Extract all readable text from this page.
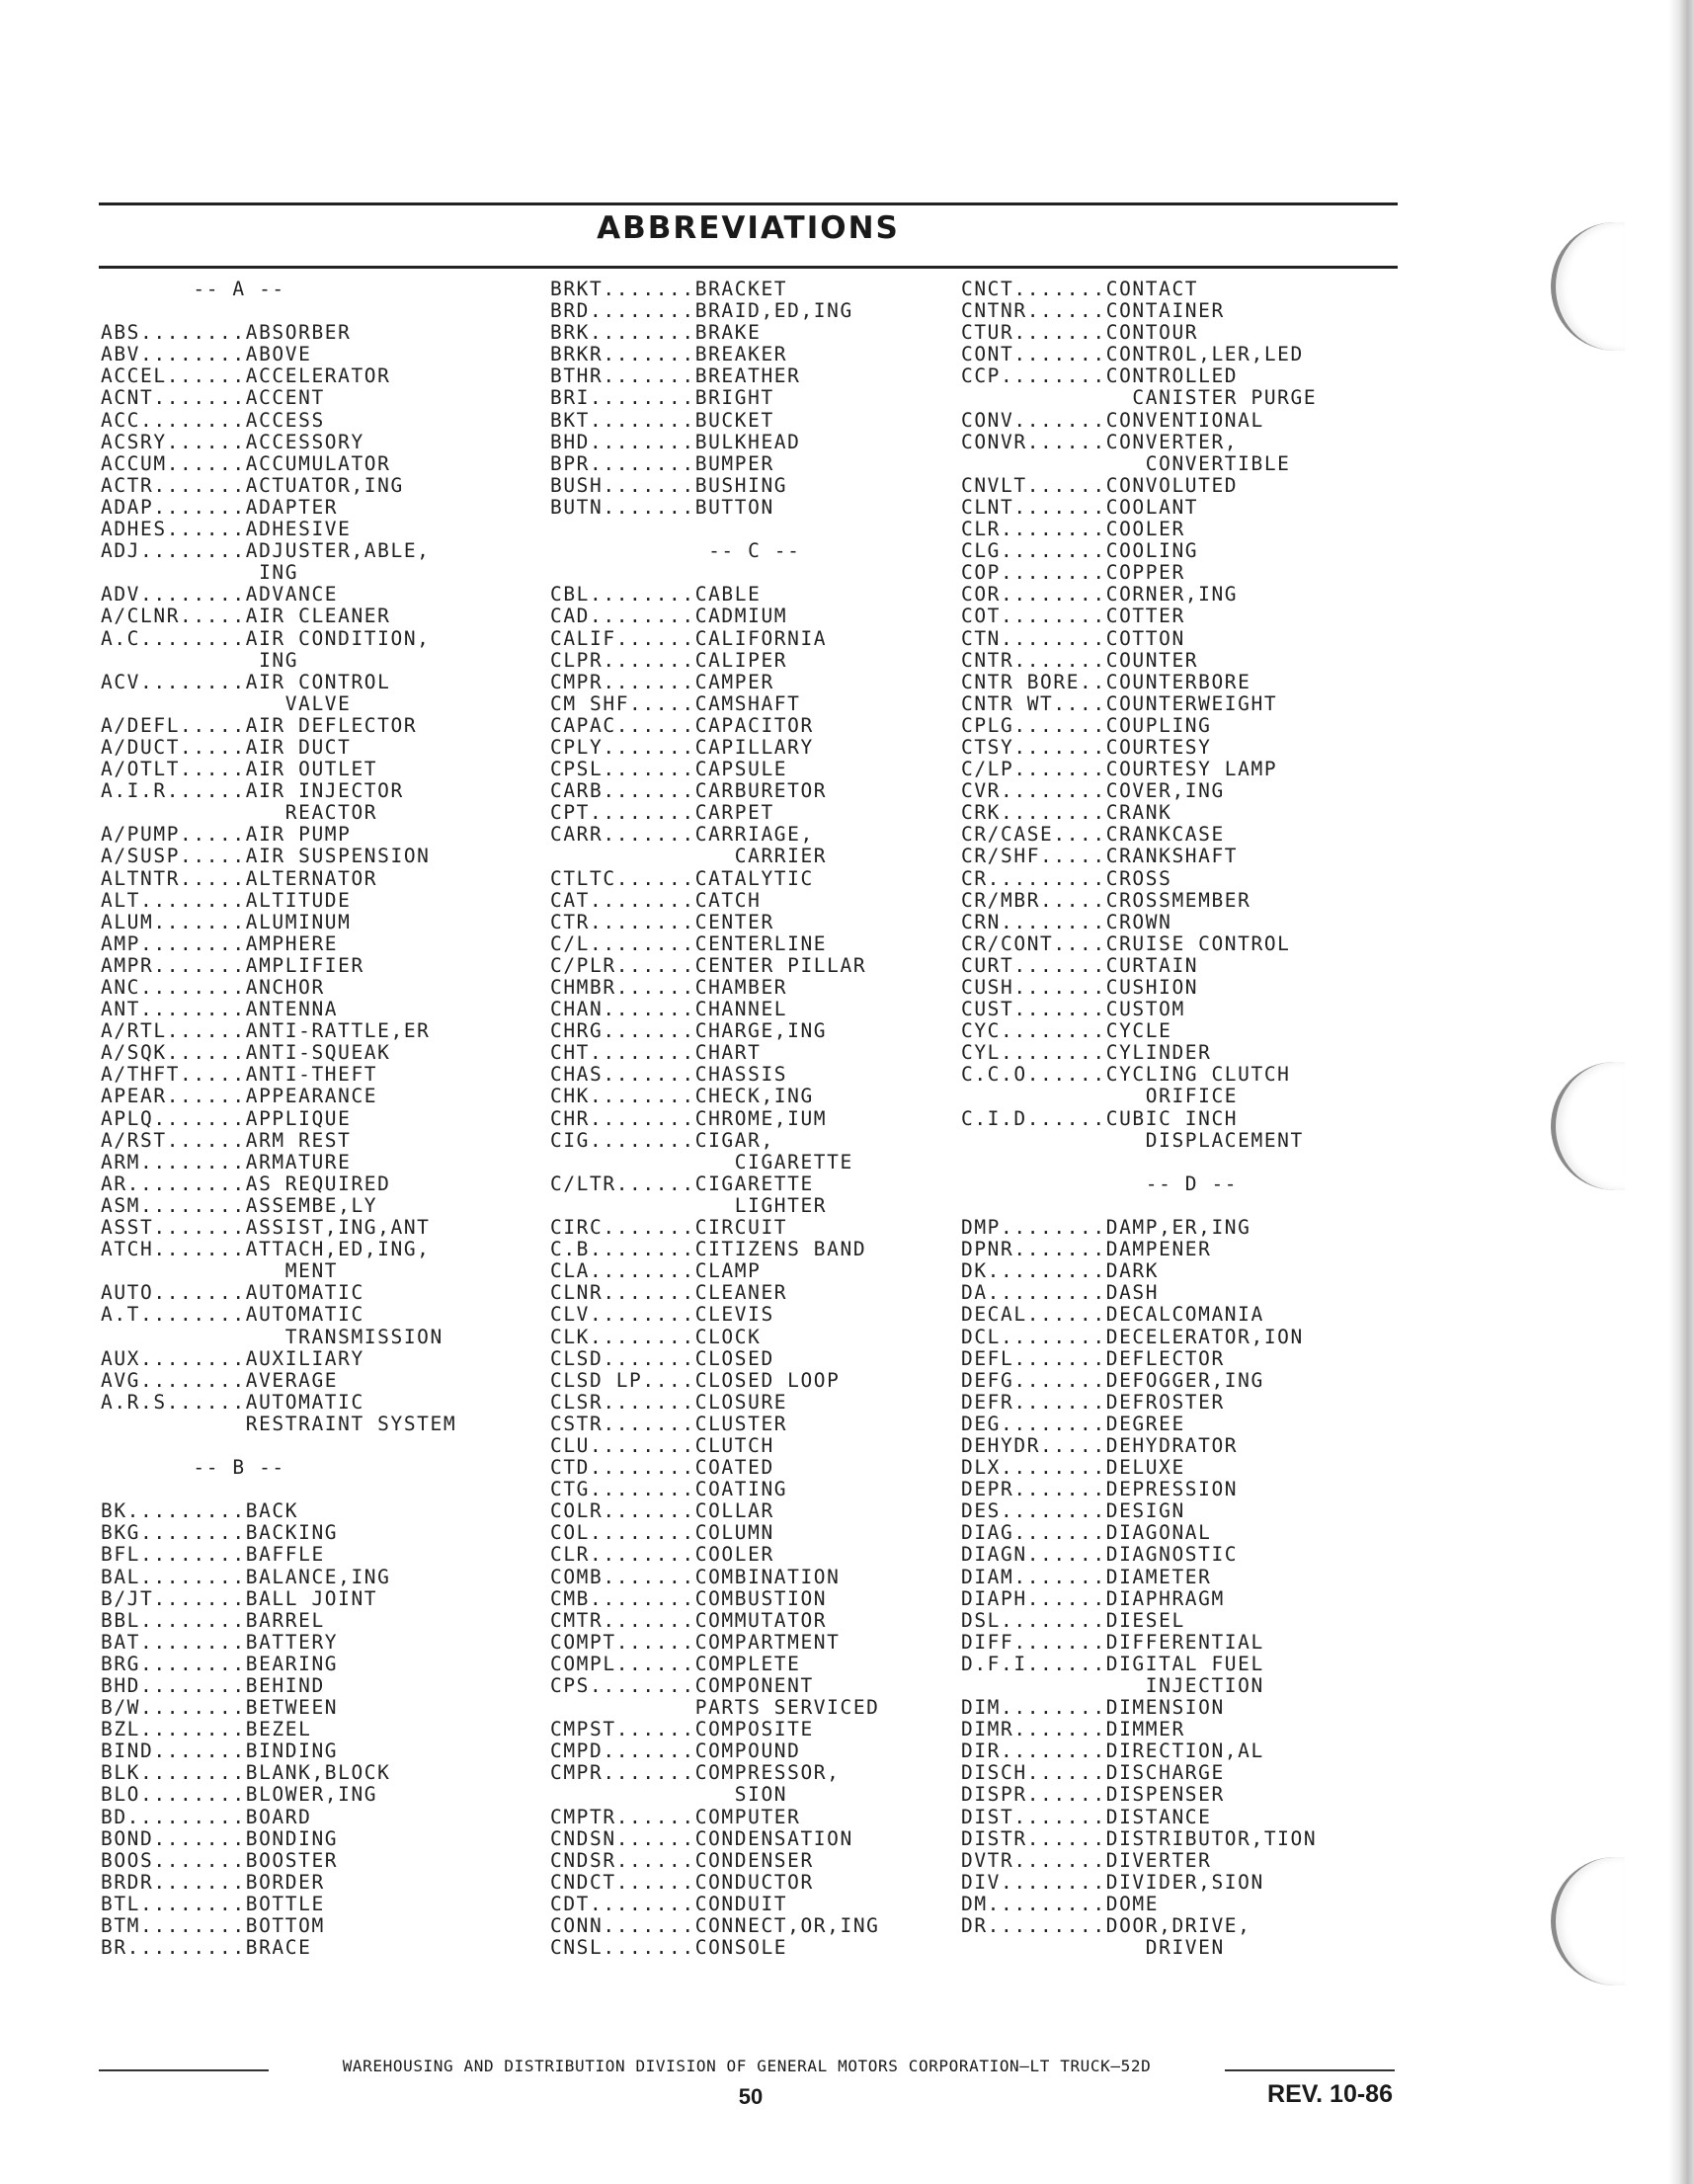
ABBREVIATIONS
-- A --
ABS........ABSORBER
ABV........ABOVE
ACCEL......ACCELERATOR
ACNT.......ACCENT
ACC........ACCESS
ACSRY......ACCESSORY
ACCUM......ACCUMULATOR
ACTR.......ACTUATOR,ING
ADAP.......ADAPTER
ADHES......ADHESIVE
ADJ........ADJUSTER,ABLE,
ING
ADV........ADVANCE
A/CLNR.....AIR CLEANER
A.C........AIR CONDITION,
ING
ACV........AIR CONTROL
VALVE
A/DEFL.....AIR DEFLECTOR
A/DUCT.....AIR DUCT
A/OTLT.....AIR OUTLET
A.I.R......AIR INJECTOR
REACTOR
A/PUMP.....AIR PUMP
A/SUSP.....AIR SUSPENSION
ALTNTR.....ALTERNATOR
ALT........ALTITUDE
ALUM.......ALUMINUM
AMP........AMPHERE
AMPR.......AMPLIFIER
ANC........ANCHOR
ANT........ANTENNA
A/RTL......ANTI-RATTLE,ER
A/SQK......ANTI-SQUEAK
A/THFT.....ANTI-THEFT
APEAR......APPEARANCE
APLQ.......APPLIQUE
A/RST......ARM REST
ARM........ARMATURE
AR.........AS REQUIRED
ASM........ASSEMBE,LY
ASST.......ASSIST,ING,ANT
ATCH.......ATTACH,ED,ING,
MENT
AUTO.......AUTOMATIC
A.T........AUTOMATIC
TRANSMISSION
AUX........AUXILIARY
AVG........AVERAGE
A.R.S......AUTOMATIC
RESTRAINT SYSTEM
-- B --
BK.........BACK
BKG........BACKING
BFL........BAFFLE
BAL........BALANCE,ING
B/JT.......BALL JOINT
BBL........BARREL
BAT........BATTERY
BRG........BEARING
BHD........BEHIND
B/W........BETWEEN
BZL........BEZEL
BIND.......BINDING
BLK........BLANK,BLOCK
BLO........BLOWER,ING
BD.........BOARD
BOND.......BONDING
BOOS.......BOOSTER
BRDR.......BORDER
BTL........BOTTLE
BTM........BOTTOM
BR.........BRACE
BRKT.......BRACKET
BRD........BRAID,ED,ING
BRK........BRAKE
BRKR.......BREAKER
BTHR.......BREATHER
BRI........BRIGHT
BKT........BUCKET
BHD........BULKHEAD
BPR........BUMPER
BUSH.......BUSHING
BUTN.......BUTTON
-- C --
CBL........CABLE
CAD........CADMIUM
CALIF......CALIFORNIA
CLPR.......CALIPER
CMPR.......CAMPER
CM SHF.....CAMSHAFT
CAPAC......CAPACITOR
CPLY.......CAPILLARY
CPSL.......CAPSULE
CARB.......CARBURETOR
CPT........CARPET
CARR.......CARRIAGE,
CARRIER
CTLTC......CATALYTIC
CAT........CATCH
CTR........CENTER
C/L........CENTERLINE
C/PLR......CENTER PILLAR
CHMBR......CHAMBER
CHAN.......CHANNEL
CHRG.......CHARGE,ING
CHT........CHART
CHAS.......CHASSIS
CHK........CHECK,ING
CHR........CHROME,IUM
CIG........CIGAR,
CIGARETTE
C/LTR......CIGARETTE
LIGHTER
CIRC.......CIRCUIT
C.B........CITIZENS BAND
CLA........CLAMP
CLNR.......CLEANER
CLV........CLEVIS
CLK........CLOCK
CLSD.......CLOSED
CLSD LP....CLOSED LOOP
CLSR.......CLOSURE
CSTR.......CLUSTER
CLU........CLUTCH
CTD........COATED
CTG........COATING
COLR.......COLLAR
COL........COLUMN
CLR........COOLER
COMB.......COMBINATION
CMB........COMBUSTION
CMTR.......COMMUTATOR
COMPT......COMPARTMENT
COMPL......COMPLETE
CPS........COMPONENT
PARTS SERVICED
CMPST......COMPOSITE
CMPD.......COMPOUND
CMPR.......COMPRESSOR,
SION
CMPTR......COMPUTER
CNDSN......CONDENSATION
CNDSR......CONDENSER
CNDCT......CONDUCTOR
CDT........CONDUIT
CONN.......CONNECT,OR,ING
CNSL.......CONSOLE
CNCT.......CONTACT
CNTNR......CONTAINER
CTUR.......CONTOUR
CONT.......CONTROL,LER,LED
CCP........CONTROLLED
CANISTER PURGE
CONV.......CONVENTIONAL
CONVR......CONVERTER,
CONVERTIBLE
CNVLT......CONVOLUTED
CLNT.......COOLANT
CLR........COOLER
CLG........COOLING
COP........COPPER
COR........CORNER,ING
COT........COTTER
CTN........COTTON
CNTR.......COUNTER
CNTR BORE..COUNTERBORE
CNTR WT....COUNTERWEIGHT
CPLG.......COUPLING
CTSY.......COURTESY
C/LP.......COURTESY LAMP
CVR........COVER,ING
CRK........CRANK
CR/CASE....CRANKCASE
CR/SHF.....CRANKSHAFT
CR.........CROSS
CR/MBR.....CROSSMEMBER
CRN........CROWN
CR/CONT....CRUISE CONTROL
CURT.......CURTAIN
CUSH.......CUSHION
CUST.......CUSTOM
CYC........CYCLE
CYL........CYLINDER
C.C.O......CYCLING CLUTCH
ORIFICE
C.I.D......CUBIC INCH
DISPLACEMENT
-- D --
DMP........DAMP,ER,ING
DPNR.......DAMPENER
DK.........DARK
DA.........DASH
DECAL......DECALCOMANIA
DCL........DECELERATOR,ION
DEFL.......DEFLECTOR
DEFG.......DEFOGGER,ING
DEFR.......DEFROSTER
DEG........DEGREE
DEHYDR.....DEHYDRATOR
DLX........DELUXE
DEPR.......DEPRESSION
DES........DESIGN
DIAG.......DIAGONAL
DIAGN......DIAGNOSTIC
DIAM.......DIAMETER
DIAPH......DIAPHRAGM
DSL........DIESEL
DIFF.......DIFFERENTIAL
D.F.I......DIGITAL FUEL
INJECTION
DIM........DIMENSION
DIMR.......DIMMER
DIR........DIRECTION,AL
DISCH......DISCHARGE
DISPR......DISPENSER
DIST.......DISTANCE
DISTR......DISTRIBUTOR,TION
DVTR.......DIVERTER
DIV........DIVIDER,SION
DM.........DOME
DR.........DOOR,DRIVE,
DRIVEN
WAREHOUSING AND DISTRIBUTION DIVISION OF GENERAL MOTORS CORPORATION—LT TRUCK—52D
50	REV. 10-86
